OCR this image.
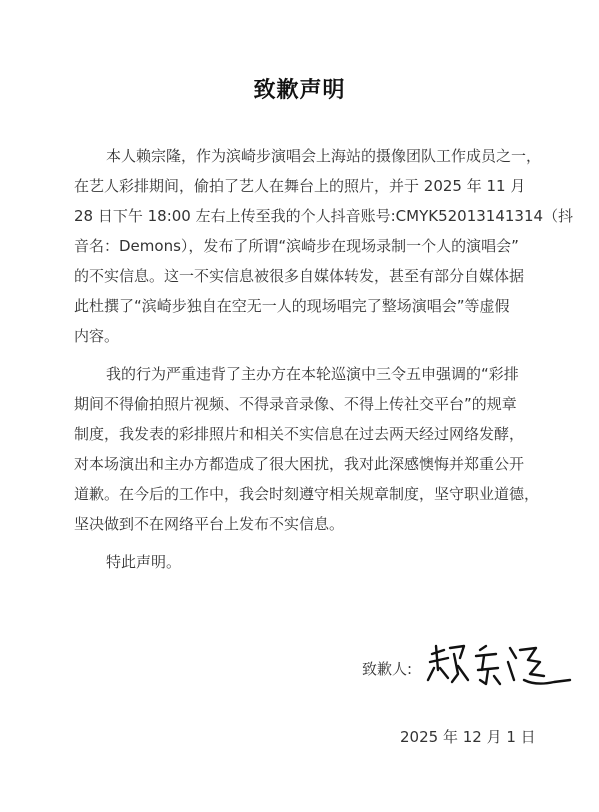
致歉声明
本人赖宗隆，作为滨崎步演唱会上海站的摄像团队工作成员之一，
在艺人彩排期间，偷拍了艺人在舞台上的照片，并于 2025 年 11 月
28 日下午 18:00 左右上传至我的个人抖音账号:CMYK52013141314（抖
音名：Demons），发布了所谓“滨崎步在现场录制一个人的演唱会”
的不实信息。这一不实信息被很多自媒体转发，甚至有部分自媒体据
此杜撰了“滨崎步独自在空无一人的现场唱完了整场演唱会”等虚假
内容。
我的行为严重违背了主办方在本轮巡演中三令五申强调的“彩排
期间不得偷拍照片视频、不得录音录像、不得上传社交平台”的规章
制度，我发表的彩排照片和相关不实信息在过去两天经过网络发酵，
对本场演出和主办方都造成了很大困扰，我对此深感懊悔并郑重公开
道歉。在今后的工作中，我会时刻遵守相关规章制度，坚守职业道德，
坚决做到不在网络平台上发布不实信息。
特此声明。
致歉人:
2025 年 12 月 1 日
